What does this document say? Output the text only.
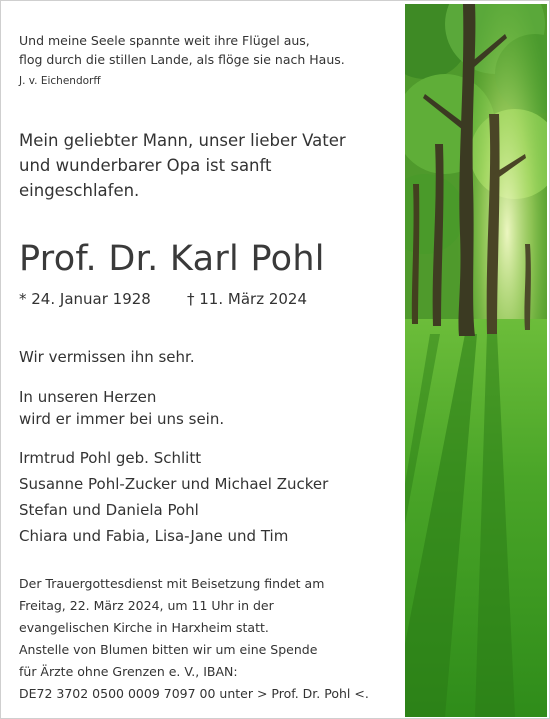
Und meine Seele spannte weit ihre Flügel aus,
flog durch die stillen Lande, als flöge sie nach Haus.
J. v. Eichendorff
Mein geliebter Mann, unser lieber Vater
und wunderbarer Opa ist sanft
eingeschlafen.
Prof. Dr. Karl Pohl
* 24. Januar 1928 † 11. März 2024
Wir vermissen ihn sehr.
In unseren Herzen
wird er immer bei uns sein.
Irmtrud Pohl geb. Schlitt
Susanne Pohl-Zucker und Michael Zucker
Stefan und Daniela Pohl
Chiara und Fabia, Lisa-Jane und Tim
Der Trauergottesdienst mit Beisetzung findet am
Freitag, 22. März 2024, um 11 Uhr in der
evangelischen Kirche in Harxheim statt.
Anstelle von Blumen bitten wir um eine Spende
für Ärzte ohne Grenzen e. V., IBAN:
DE72 3702 0500 0009 7097 00 unter > Prof. Dr. Pohl <.
